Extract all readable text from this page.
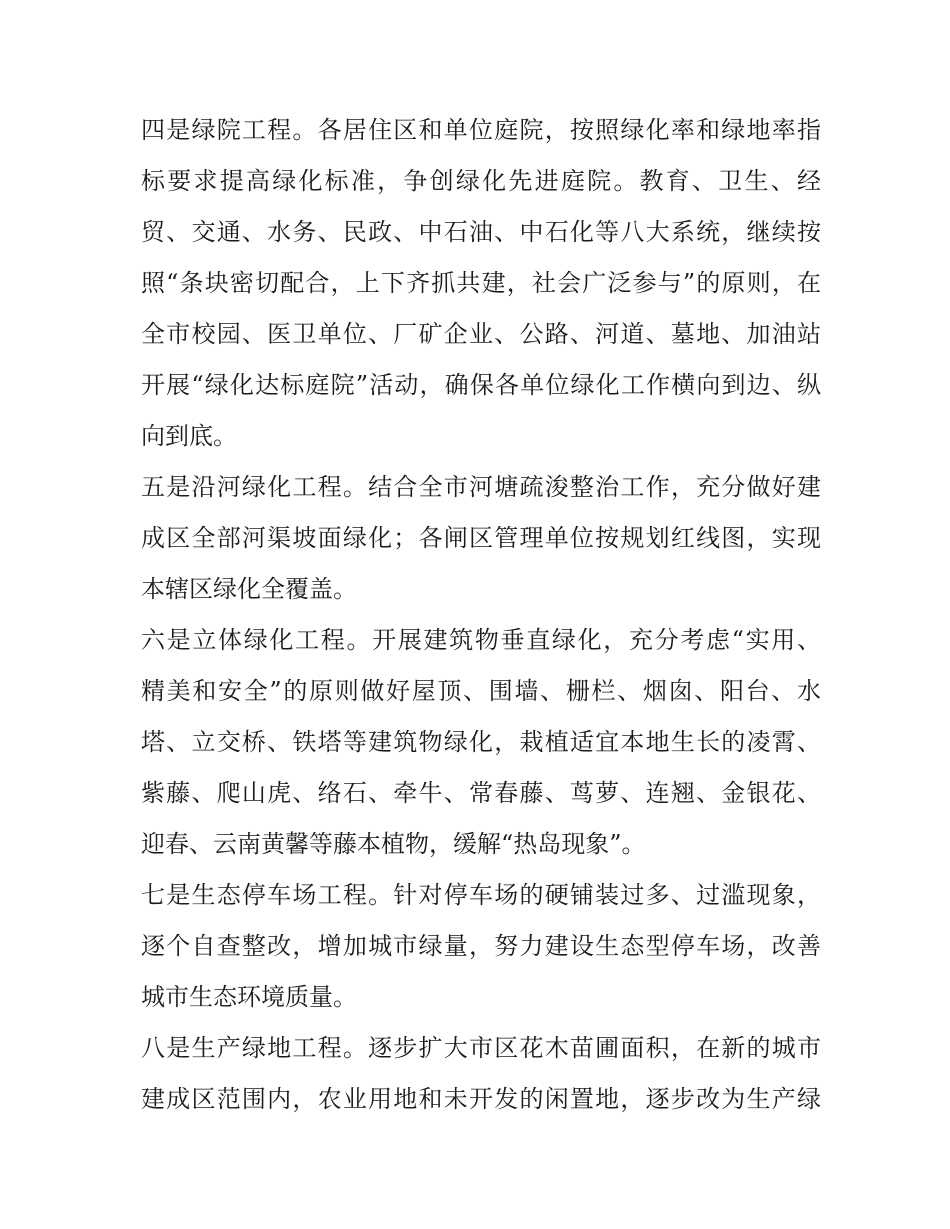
四是绿院工程。各居住区和单位庭院，按照绿化率和绿地率指
标要求提高绿化标准，争创绿化先进庭院。教育、卫生、经
贸、交通、水务、民政、中石油、中石化等八大系统，继续按
照“条块密切配合，上下齐抓共建，社会广泛参与”的原则，在
全市校园、医卫单位、厂矿企业、公路、河道、墓地、加油站
开展“绿化达标庭院”活动，确保各单位绿化工作横向到边、纵
向到底。
五是沿河绿化工程。结合全市河塘疏浚整治工作，充分做好建
成区全部河渠坡面绿化；各闸区管理单位按规划红线图，实现
本辖区绿化全覆盖。
六是立体绿化工程。开展建筑物垂直绿化，充分考虑“实用、
精美和安全”的原则做好屋顶、围墙、栅栏、烟囱、阳台、水
塔、立交桥、铁塔等建筑物绿化，栽植适宜本地生长的凌霄、
紫藤、爬山虎、络石、牵牛、常春藤、茑萝、连翘、金银花、
迎春、云南黄馨等藤本植物，缓解“热岛现象”。
七是生态停车场工程。针对停车场的硬铺装过多、过滥现象，
逐个自查整改，增加城市绿量，努力建设生态型停车场，改善
城市生态环境质量。
八是生产绿地工程。逐步扩大市区花木苗圃面积，在新的城市
建成区范围内，农业用地和未开发的闲置地，逐步改为生产绿
